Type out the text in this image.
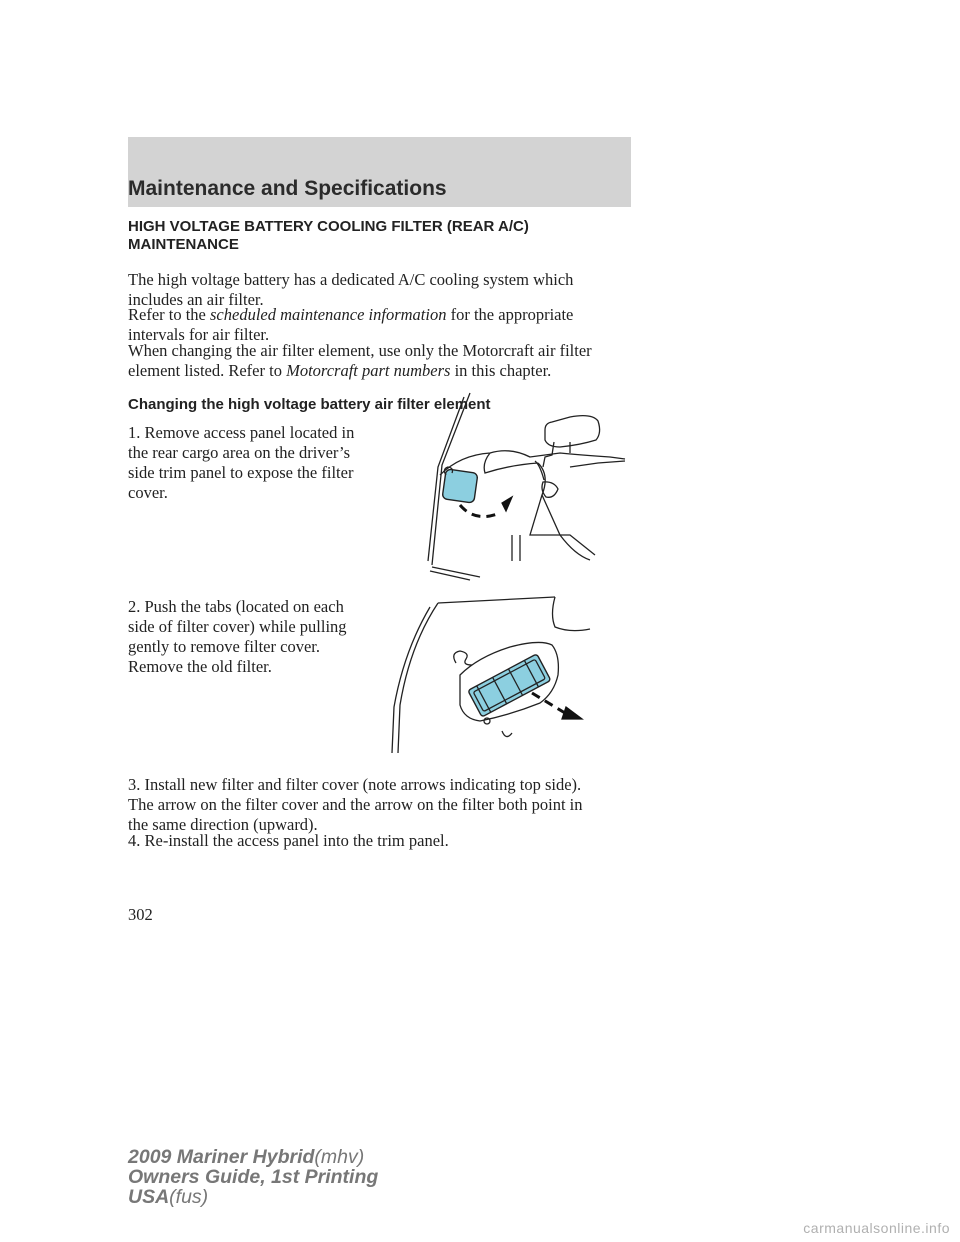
Maintenance and Specifications
HIGH VOLTAGE BATTERY COOLING FILTER (REAR A/C)
MAINTENANCE
The high voltage battery has a dedicated A/C cooling system which
includes an air filter.
Refer to the scheduled maintenance information for the appropriate
intervals for air filter.
When changing the air filter element, use only the Motorcraft air filter
element listed. Refer to Motorcraft part numbers in this chapter.
Changing the high voltage battery air filter element
1. Remove access panel located in
the rear cargo area on the driver’s
side trim panel to expose the filter
cover.
2. Push the tabs (located on each
side of filter cover) while pulling
gently to remove filter cover.
Remove the old filter.
3. Install new filter and filter cover (note arrows indicating top side).
The arrow on the filter cover and the arrow on the filter both point in
the same direction (upward).
4. Re-install the access panel into the trim panel.
302
2009 Mariner Hybrid(mhv)
Owners Guide, 1st Printing
USA(fus)
carmanualsonline.info
